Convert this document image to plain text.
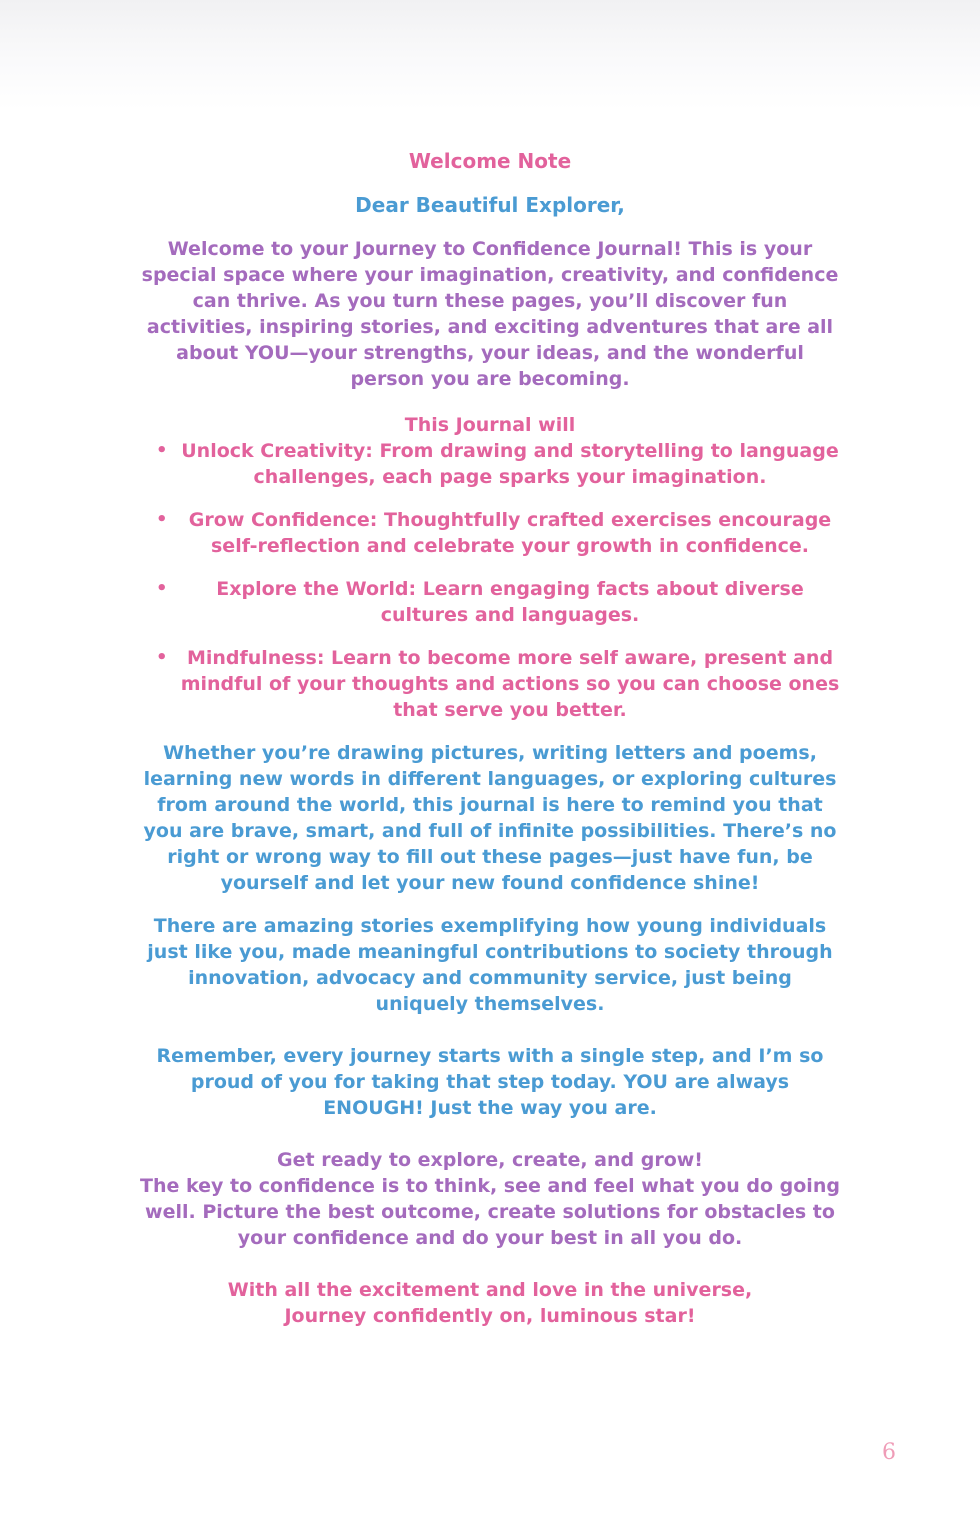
Welcome Note

Dear Beautiful Explorer,

Welcome to your Journey to Confidence Journal! This is your special space where your imagination, creativity, and confidence can thrive. As you turn these pages, you’ll discover fun activities, inspiring stories, and exciting adventures that are all about YOU—your strengths, your ideas, and the wonderful person you are becoming.

This Journal will

• Unlock Creativity: From drawing and storytelling to language challenges, each page sparks your imagination.
• Grow Confidence: Thoughtfully crafted exercises encourage self-reflection and celebrate your growth in confidence.
•	Explore the World: Learn engaging facts about diverse cultures and languages.
• Mindfulness: Learn to become more self aware, present and mindful of your thoughts and actions so you can choose ones that serve you better.

Whether you’re drawing pictures, writing letters and poems, learning new words in different languages, or exploring cultures from around the world, this journal is here to remind you that you are brave, smart, and full of infinite possibilities. There’s no right or wrong way to fill out these pages—just have fun, be yourself and let your new found confidence shine!

There are amazing stories exemplifying how young individuals just like you, made meaningful contributions to society through innovation, advocacy and community service, just being uniquely themselves.

Remember, every journey starts with a single step, and I’m so proud of you for taking that step today. YOU are always ENOUGH! Just the way you are.

Get ready to explore, create, and grow!

The key to confidence is to think, see and feel what you do going well. Picture the best outcome, create solutions for obstacles to your confidence and do your best in all you do.

With all the excitement and love in the universe,

Journey confidently on, luminous star!

6
